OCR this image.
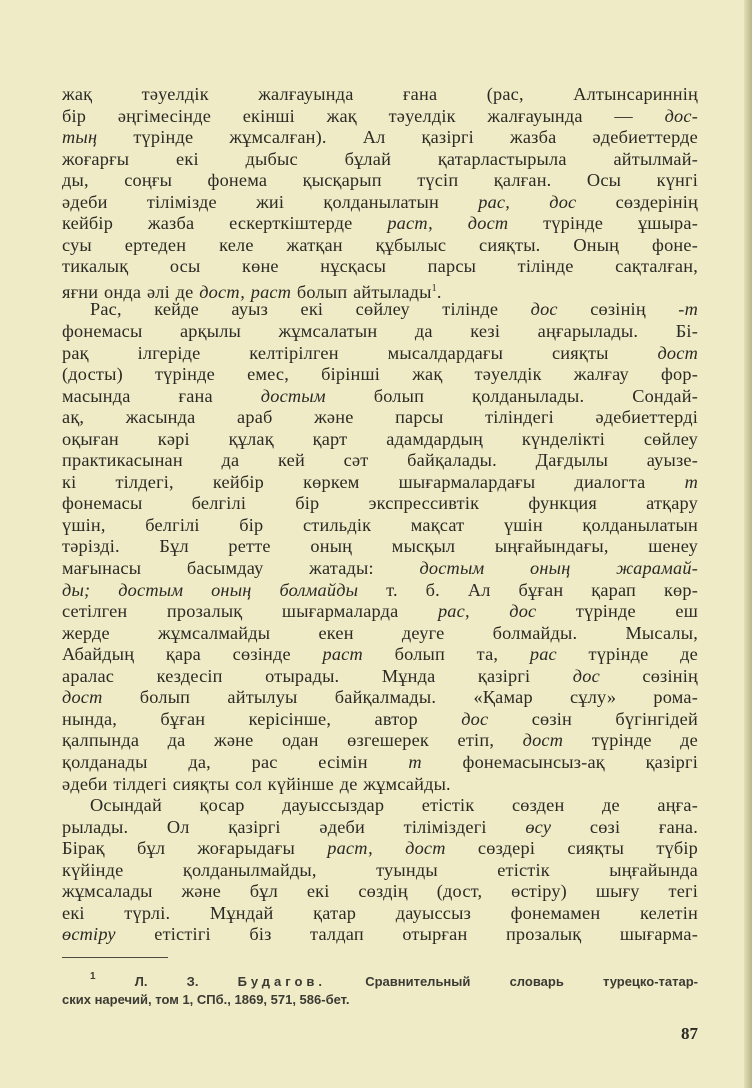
жақ тәуелдік жалғауында ғана (рас, Алтынсариннің
бір әңгімесінде екінші жақ тәуелдік жалғауында — дос-
тың түрінде жұмсалған). Ал қазіргі жазба әдебиеттерде
жоғарғы екі дыбыс бұлай қатарластырыла айтылмай-
ды, соңғы фонема қысқарып түсіп қалған. Осы күнгі
әдеби тілімізде жиі қолданылатын рас, дос сөздерінің
кейбір жазба ескерткіштерде раст, дост түрінде ұшыра-
суы ертеден келе жатқан құбылыс сияқты. Оның фоне-
тикалық осы көне нұсқасы парсы тілінде сақталған,
яғни онда әлі де дост, раст болып айтылады$^1$.
Рас, кейде ауыз екі сөйлеу тілінде дос сөзінің -т
фонемасы арқылы жұмсалатын да кезі аңғарылады. Бі-
рақ ілгеріде келтірілген мысалдардағы сияқты дост
(досты) түрінде емес, бірінші жақ тәуелдік жалғау фор-
масында ғана достым болып қолданылады. Сондай-
ақ, жасында араб және парсы тіліндегі әдебиеттерді
оқыған кәрі құлақ қарт адамдардың күнделікті сөйлеу
практикасынан да кей сәт байқалады. Дағдылы ауызе-
кі тілдегі, кейбір көркем шығармалардағы диалогта т
фонемасы белгілі бір экспрессивтік функция атқару
үшін, белгілі бір стильдік мақсат үшін қолданылатын
тәрізді. Бұл ретте оның мысқыл ыңғайындағы, шенеу
мағынасы басымдау жатады: достым оның жарамай-
ды; достым оның болмайды т. б. Ал бұған қарап көр-
сетілген прозалық шығармаларда рас, дос түрінде еш
жерде жұмсалмайды екен деуге болмайды. Мысалы,
Абайдың қара сөзінде раст болып та, рас түрінде де
аралас кездесіп отырады. Мұнда қазіргі дос сөзінің
дост болып айтылуы байқалмады. «Қамар сұлу» рома-
нында, бұған керісінше, автор дос сөзін бүгінгідей
қалпында да және одан өзгешерек етіп, дост түрінде де
қолданады да, рас есімін т фонемасынсыз-ақ қазіргі
әдеби тілдегі сияқты сол күйінше де жұмсайды.
Осындай қосар дауыссыздар етістік сөзден де аңға-
рылады. Ол қазіргі әдеби тіліміздегі өсу сөзі ғана.
Бірақ бұл жоғарыдағы раст, дост сөздері сияқты түбір
күйінде қолданылмайды, туынды етістік ыңғайында
жұмсалады және бұл екі сөздің (дост, өстіру) шығу тегі
екі түрлі. Мұндай қатар дауыссыз фонемамен келетін
өстіру етістігі біз талдап отырған прозалық шығарма-
$^1$ Л. З. Будагов. Сравнительный словарь турецко-татар-
ских наречий, том 1, СПб., 1869, 571, 586-бет.
87
